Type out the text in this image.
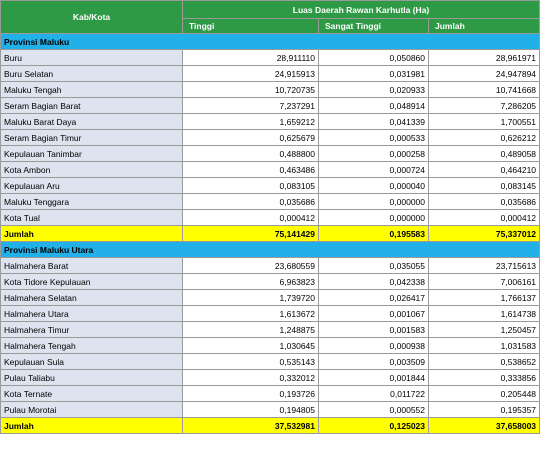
Kab/Kota	Luas Daerah Rawan Karhutla (Ha)		
	Tinggi	Sangat Tinggi	Jumlah
Provinsi Maluku			
Buru	28,911110	0,050860	28,961971
Buru Selatan	24,915913	0,031981	24,947894
Maluku Tengah	10,720735	0,020933	10,741668
Seram Bagian Barat	7,237291	0,048914	7,286205
Maluku Barat Daya	1,659212	0,041339	1,700551
Seram Bagian Timur	0,625679	0,000533	0,626212
Kepulauan Tanimbar	0,488800	0,000258	0,489058
Kota Ambon	0,463486	0,000724	0,464210
Kepulauan Aru	0,083105	0,000040	0,083145
Maluku Tenggara	0,035686	0,000000	0,035686
Kota Tual	0,000412	0,000000	0,000412
Jumlah	75,141429	0,195583	75,337012
Provinsi Maluku Utara			
Halmahera Barat	23,680559	0,035055	23,715613
Kota Tidore Kepulauan	6,963823	0,042338	7,006161
Halmahera Selatan	1,739720	0,026417	1,766137
Halmahera Utara	1,613672	0,001067	1,614738
Halmahera Timur	1,248875	0,001583	1,250457
Halmahera Tengah	1,030645	0,000938	1,031583
Kepulauan Sula	0,535143	0,003509	0,538652
Pulau Taliabu	0,332012	0,001844	0,333856
Kota Ternate	0,193726	0,011722	0,205448
Pulau Morotai	0,194805	0,000552	0,195357
Jumlah	37,532981	0,125023	37,658003
